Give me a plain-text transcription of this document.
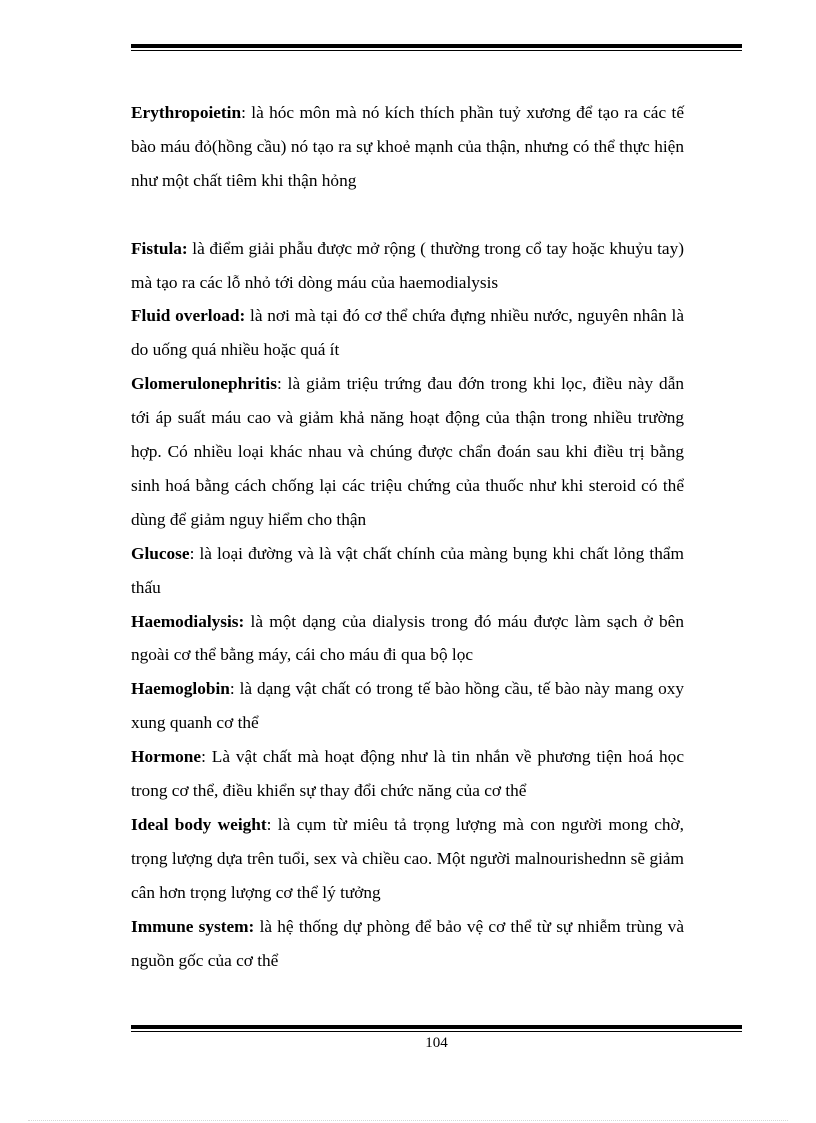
Erythropoietin: là hóc môn mà nó kích thích phần tuỷ xương để tạo ra các tế bào máu đỏ(hồng cầu) nó tạo ra sự khoẻ mạnh của thận, nhưng có thể thực hiện như một chất tiêm khi thận hỏng

Fistula: là điểm giải phẫu được mở rộng ( thường trong cổ tay hoặc khuỷu tay) mà tạo ra các lỗ nhỏ tới dòng máu của haemodialysis

Fluid overload: là nơi mà tại đó cơ thể chứa đựng nhiều nước, nguyên nhân là do uống quá nhiều hoặc quá ít

Glomerulonephritis: là giảm triệu trứng đau đớn trong khi lọc, điều này dẫn tới áp suất máu cao và giảm khả năng hoạt động của thận trong nhiều trường hợp. Có nhiều loại khác nhau và chúng được chẩn đoán sau khi điều trị bằng sinh hoá bằng cách chống lại các triệu chứng của thuốc như khi steroid có thể dùng để giảm nguy hiểm cho thận

Glucose: là loại đường và là vật chất chính của màng bụng khi chất lỏng thẩm thấu

Haemodialysis: là một dạng của dialysis trong đó máu được làm sạch ở bên ngoài cơ thể bằng máy, cái cho máu đi qua bộ lọc

Haemoglobin: là dạng vật chất có trong tế bào hồng cầu, tế bào này mang oxy xung quanh cơ thể

Hormone: Là vật chất mà hoạt động như là tin nhắn về phương tiện hoá học trong cơ thể, điều khiển sự thay đổi chức năng của cơ thể

Ideal body weight: là cụm từ miêu tả trọng lượng mà con người mong chờ, trọng lượng dựa trên tuổi, sex và chiều cao. Một người malnourishednn sẽ giảm cân hơn trọng lượng cơ thể lý tưởng

Immune system: là hệ thống dự phòng để bảo vệ cơ thể từ sự nhiễm trùng và nguồn gốc của cơ thể

104
